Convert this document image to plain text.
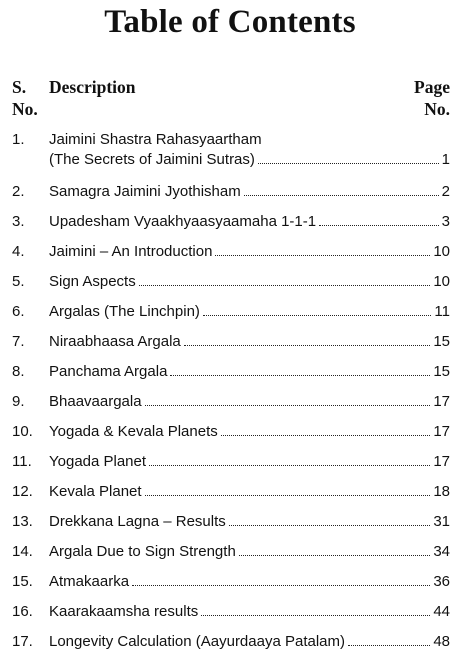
Table of Contents
S.
No.
Description	Page
No.
1.	Jaimini Shastra Rahasyaartham
(The Secrets of Jaimini Sutras)	1
2.	Samagra Jaimini Jyothisham	2
3.	Upadesham Vyaakhyaasyaamaha 1-1-1	3
4.	Jaimini – An Introduction	10
5.	Sign Aspects	10
6.	Argalas (The Linchpin)	11
7.	Niraabhaasa Argala	15
8.	Panchama Argala	15
9.	Bhaavaargala	17
10.	Yogada & Kevala Planets	17
11.	Yogada Planet	17
12.	Kevala Planet	18
13.	Drekkana Lagna – Results	31
14.	Argala Due to Sign Strength	34
15.	Atmakaarka	36
16.	Kaarakaamsha results	44
17.	Longevity Calculation (Aayurdaaya Patalam)	48
